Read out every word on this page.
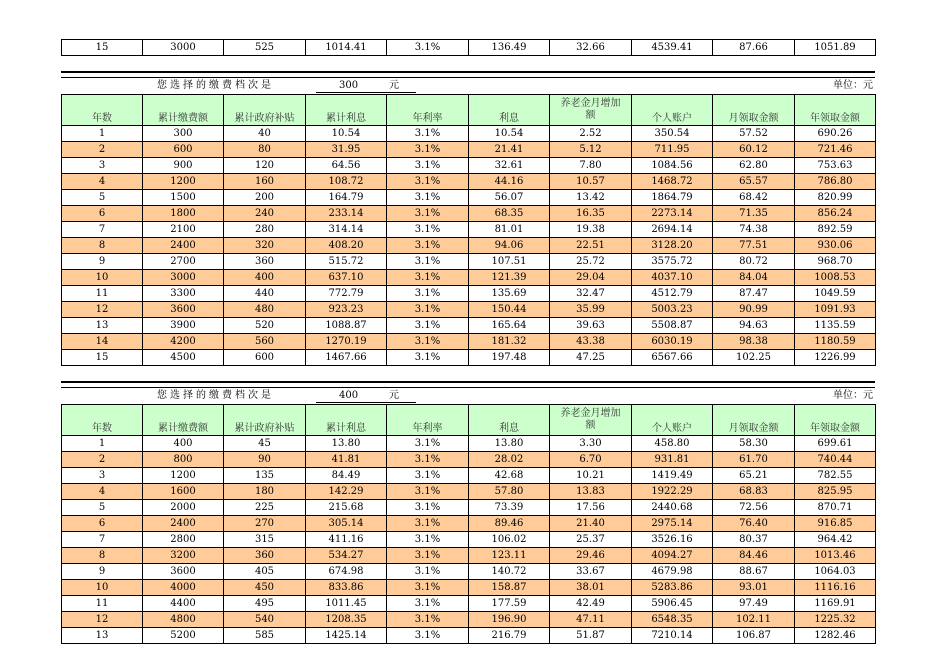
15	3000	525	1014.41	3.1%	136.49	32.66	4539.41	87.66	1051.89
您选择的缴费档次是	300	元	单位：元
年数	累计缴费额	累计政府补贴	累计利息	年利率	利息	养老金月增加额	个人账户	月领取金额	年领取金额
1	300	40	10.54	3.1%	10.54	2.52	350.54	57.52	690.26
2	600	80	31.95	3.1%	21.41	5.12	711.95	60.12	721.46
3	900	120	64.56	3.1%	32.61	7.80	1084.56	62.80	753.63
4	1200	160	108.72	3.1%	44.16	10.57	1468.72	65.57	786.80
5	1500	200	164.79	3.1%	56.07	13.42	1864.79	68.42	820.99
6	1800	240	233.14	3.1%	68.35	16.35	2273.14	71.35	856.24
7	2100	280	314.14	3.1%	81.01	19.38	2694.14	74.38	892.59
8	2400	320	408.20	3.1%	94.06	22.51	3128.20	77.51	930.06
9	2700	360	515.72	3.1%	107.51	25.72	3575.72	80.72	968.70
10	3000	400	637.10	3.1%	121.39	29.04	4037.10	84.04	1008.53
11	3300	440	772.79	3.1%	135.69	32.47	4512.79	87.47	1049.59
12	3600	480	923.23	3.1%	150.44	35.99	5003.23	90.99	1091.93
13	3900	520	1088.87	3.1%	165.64	39.63	5508.87	94.63	1135.59
14	4200	560	1270.19	3.1%	181.32	43.38	6030.19	98.38	1180.59
15	4500	600	1467.66	3.1%	197.48	47.25	6567.66	102.25	1226.99
您选择的缴费档次是	400	元	单位：元
年数	累计缴费额	累计政府补贴	累计利息	年利率	利息	养老金月增加额	个人账户	月领取金额	年领取金额
1	400	45	13.80	3.1%	13.80	3.30	458.80	58.30	699.61
2	800	90	41.81	3.1%	28.02	6.70	931.81	61.70	740.44
3	1200	135	84.49	3.1%	42.68	10.21	1419.49	65.21	782.55
4	1600	180	142.29	3.1%	57.80	13.83	1922.29	68.83	825.95
5	2000	225	215.68	3.1%	73.39	17.56	2440.68	72.56	870.71
6	2400	270	305.14	3.1%	89.46	21.40	2975.14	76.40	916.85
7	2800	315	411.16	3.1%	106.02	25.37	3526.16	80.37	964.42
8	3200	360	534.27	3.1%	123.11	29.46	4094.27	84.46	1013.46
9	3600	405	674.98	3.1%	140.72	33.67	4679.98	88.67	1064.03
10	4000	450	833.86	3.1%	158.87	38.01	5283.86	93.01	1116.16
11	4400	495	1011.45	3.1%	177.59	42.49	5906.45	97.49	1169.91
12	4800	540	1208.35	3.1%	196.90	47.11	6548.35	102.11	1225.32
13	5200	585	1425.14	3.1%	216.79	51.87	7210.14	106.87	1282.46
